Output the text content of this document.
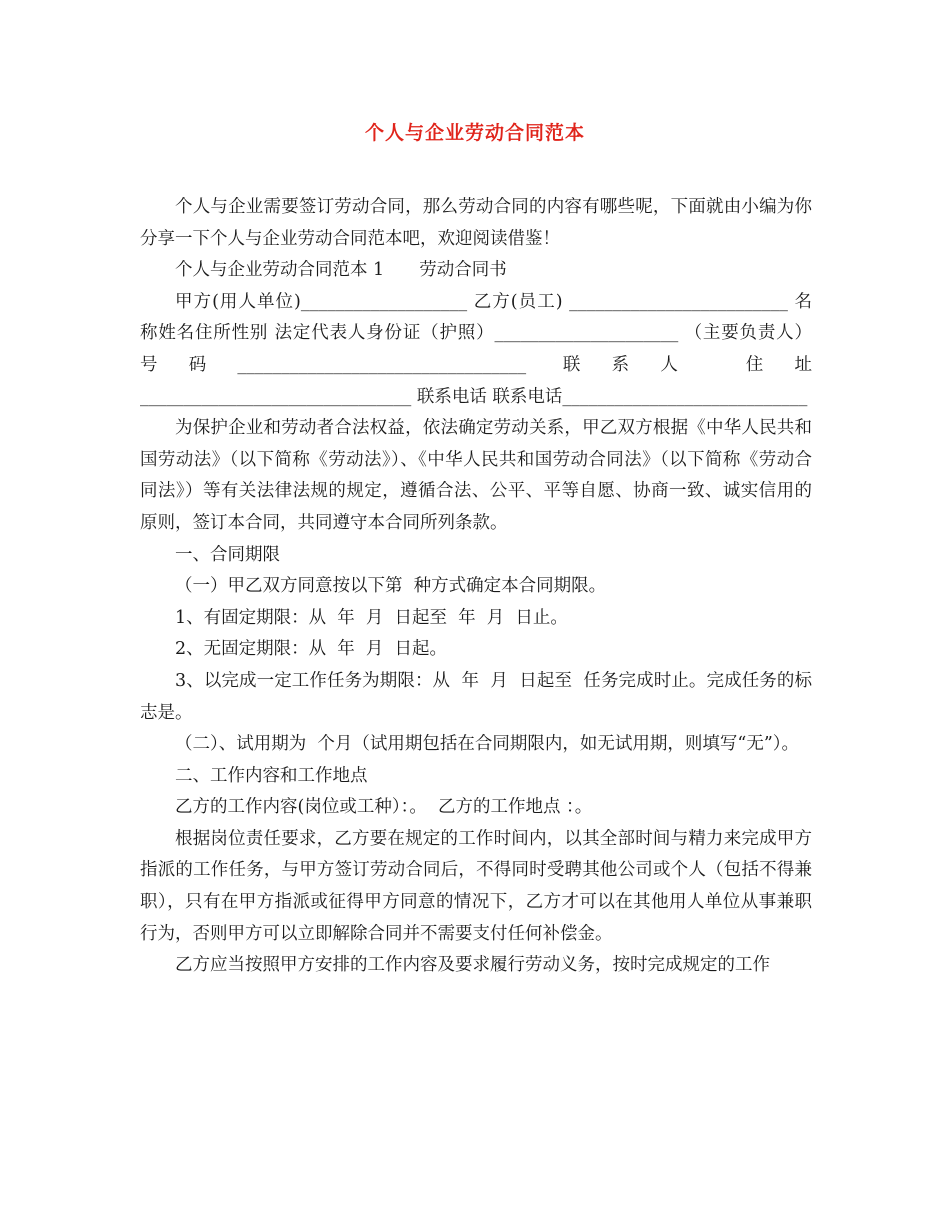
个人与企业劳动合同范本

个人与企业需要签订劳动合同，那么劳动合同的内容有哪些呢，下面就由小编为你分享一下个人与企业劳动合同范本吧，欢迎阅读借鉴！

个人与企业劳动合同范本 1　　劳动合同书

甲方(用人单位)___________________ 乙方(员工) _________________________ 名称姓名住所性别 法定代表人身份证（护照）_____________________ （主要负责人） 号码_________________________________ 联系人 住址 _______________________________ 联系电话 联系电话____________________________

为保护企业和劳动者合法权益，依法确定劳动关系，甲乙双方根据《中华人民共和国劳动法》（以下简称《劳动法》）、《中华人民共和国劳动合同法》（以下简称《劳动合同法》）等有关法律法规的规定，遵循合法、公平、平等自愿、协商一致、诚实信用的原则，签订本合同，共同遵守本合同所列条款。

一、合同期限

（一）甲乙双方同意按以下第  种方式确定本合同期限。

1、有固定期限：从  年  月  日起至  年  月  日止。

2、无固定期限：从  年  月  日起。

3、以完成一定工作任务为期限：从  年  月  日起至  任务完成时止。完成任务的标志是。

（二）、试用期为  个月（试用期包括在合同期限内，如无试用期，则填写“无”）。

二、工作内容和工作地点

乙方的工作内容(岗位或工种）：。  乙方的工作地点 ：。

根据岗位责任要求，乙方要在规定的工作时间内，以其全部时间与精力来完成甲方指派的工作任务，与甲方签订劳动合同后，不得同时受聘其他公司或个人（包括不得兼职），只有在甲方指派或征得甲方同意的情况下，乙方才可以在其他用人单位从事兼职行为，否则甲方可以立即解除合同并不需要支付任何补偿金。

乙方应当按照甲方安排的工作内容及要求履行劳动义务，按时完成规定的工作
